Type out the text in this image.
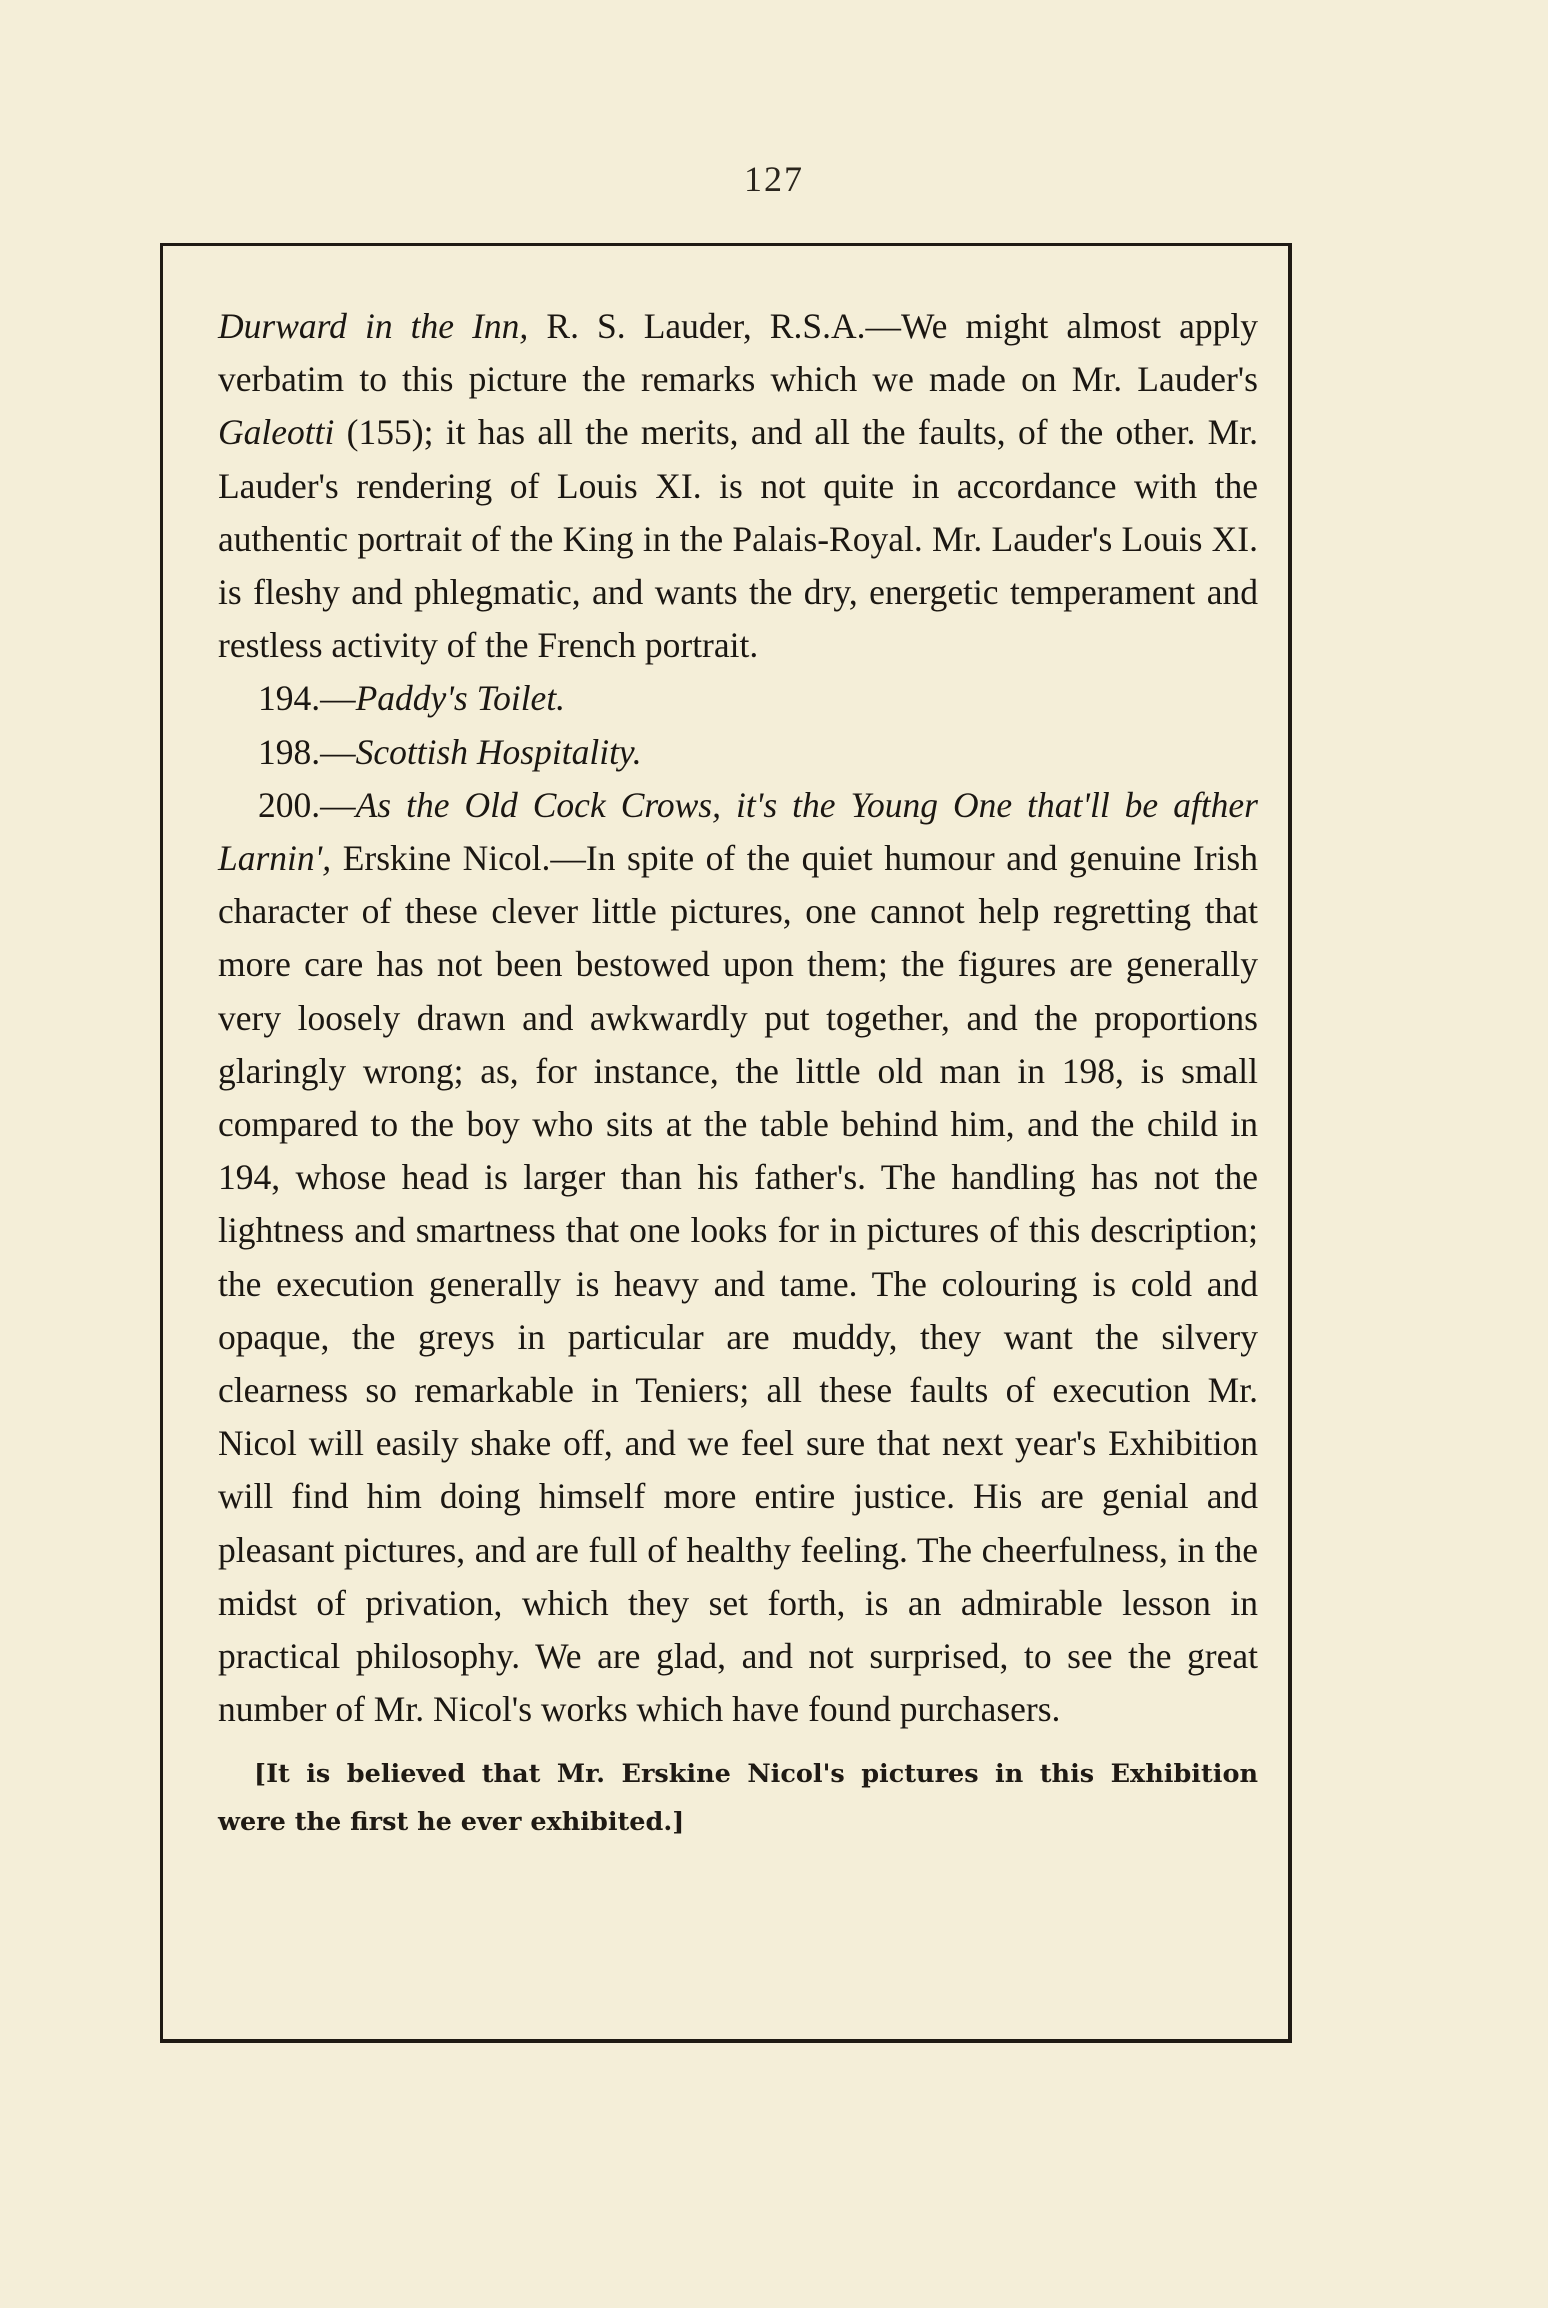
127

Durward in the Inn, R. S. Lauder, R.S.A.—We might almost apply verbatim to this picture the remarks which we made on Mr. Lauder's Galeotti (155); it has all the merits, and all the faults, of the other. Mr. Lauder's rendering of Louis XI. is not quite in accordance with the authentic portrait of the King in the Palais-Royal. Mr. Lauder's Louis XI. is fleshy and phlegmatic, and wants the dry, energetic temperament and restless activity of the French portrait.

194.—Paddy's Toilet.

198.—Scottish Hospitality.

200.—As the Old Cock Crows, it's the Young One that'll be afther Larnin', Erskine Nicol.—In spite of the quiet humour and genuine Irish character of these clever little pictures, one cannot help regretting that more care has not been bestowed upon them; the figures are generally very loosely drawn and awkwardly put together, and the proportions glaringly wrong; as, for instance, the little old man in 198, is small compared to the boy who sits at the table behind him, and the child in 194, whose head is larger than his father's. The handling has not the lightness and smartness that one looks for in pictures of this description; the execution generally is heavy and tame. The colouring is cold and opaque, the greys in particular are muddy, they want the silvery clearness so remarkable in Teniers; all these faults of execution Mr. Nicol will easily shake off, and we feel sure that next year's Exhibition will find him doing himself more entire justice. His are genial and pleasant pictures, and are full of healthy feeling. The cheerfulness, in the midst of privation, which they set forth, is an admirable lesson in practical philosophy. We are glad, and not surprised, to see the great number of Mr. Nicol's works which have found purchasers.

[It is believed that Mr. Erskine Nicol's pictures in this Exhibition were the first he ever exhibited.]
